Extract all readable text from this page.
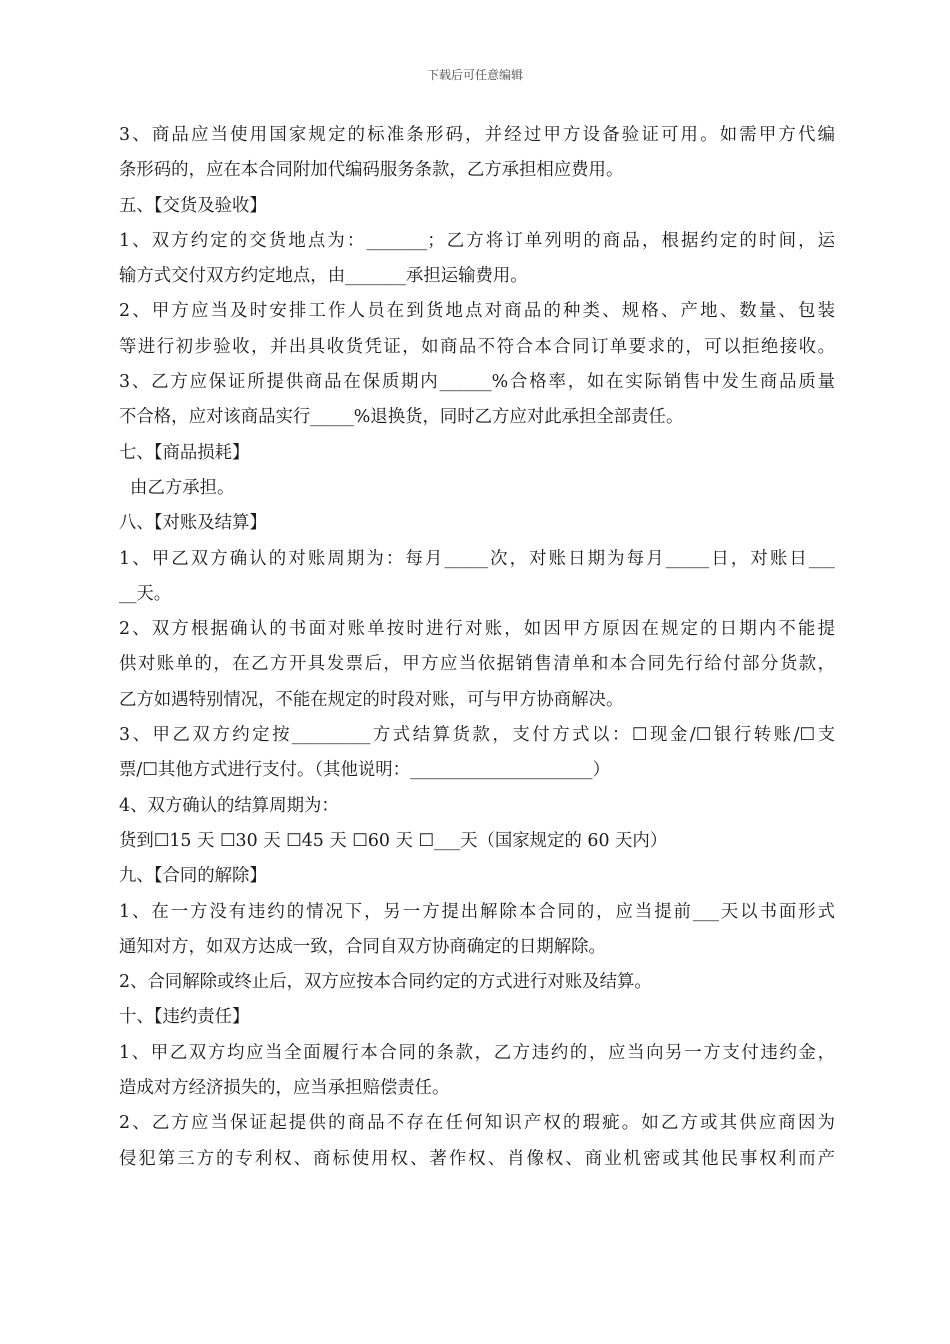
下载后可任意编辑
3、商品应当使用国家规定的标准条形码，并经过甲方设备验证可用。如需甲方代编
条形码的，应在本合同附加代编码服务条款，乙方承担相应费用。
五、【交货及验收】
1、双方约定的交货地点为：_______；乙方将订单列明的商品，根据约定的时间，运
输方式交付双方约定地点，由_______承担运输费用。
2、甲方应当及时安排工作人员在到货地点对商品的种类、规格、产地、数量、包装
等进行初步验收，并出具收货凭证，如商品不符合本合同订单要求的，可以拒绝接收。
3、乙方应保证所提供商品在保质期内______%合格率，如在实际销售中发生商品质量
不合格，应对该商品实行_____%退换货，同时乙方应对此承担全部责任。
七、【商品损耗】
由乙方承担。
八、【对账及结算】
1、甲乙双方确认的对账周期为：每月_____次，对账日期为每月_____日，对账日___
__天。
2、双方根据确认的书面对账单按时进行对账，如因甲方原因在规定的日期内不能提
供对账单的，在乙方开具发票后，甲方应当依据销售清单和本合同先行给付部分货款，
乙方如遇特别情况，不能在规定的时段对账，可与甲方协商解决。
3、甲乙双方约定按_________方式结算货款，支付方式以：☐现金/☐银行转账/☐支
票/☐其他方式进行支付。（其他说明：_____________________）
4、双方确认的结算周期为：
货到☐15 天 ☐30 天 ☐45 天 ☐60 天 ☐___天（国家规定的 60 天内）
九、【合同的解除】
1、在一方没有违约的情况下，另一方提出解除本合同的，应当提前___天以书面形式
通知对方，如双方达成一致，合同自双方协商确定的日期解除。
2、合同解除或终止后，双方应按本合同约定的方式进行对账及结算。
十、【违约责任】
1、甲乙双方均应当全面履行本合同的条款，乙方违约的，应当向另一方支付违约金，
造成对方经济损失的，应当承担赔偿责任。
2、乙方应当保证起提供的商品不存在任何知识产权的瑕疵。如乙方或其供应商因为
侵犯第三方的专利权、商标使用权、著作权、肖像权、商业机密或其他民事权利而产
